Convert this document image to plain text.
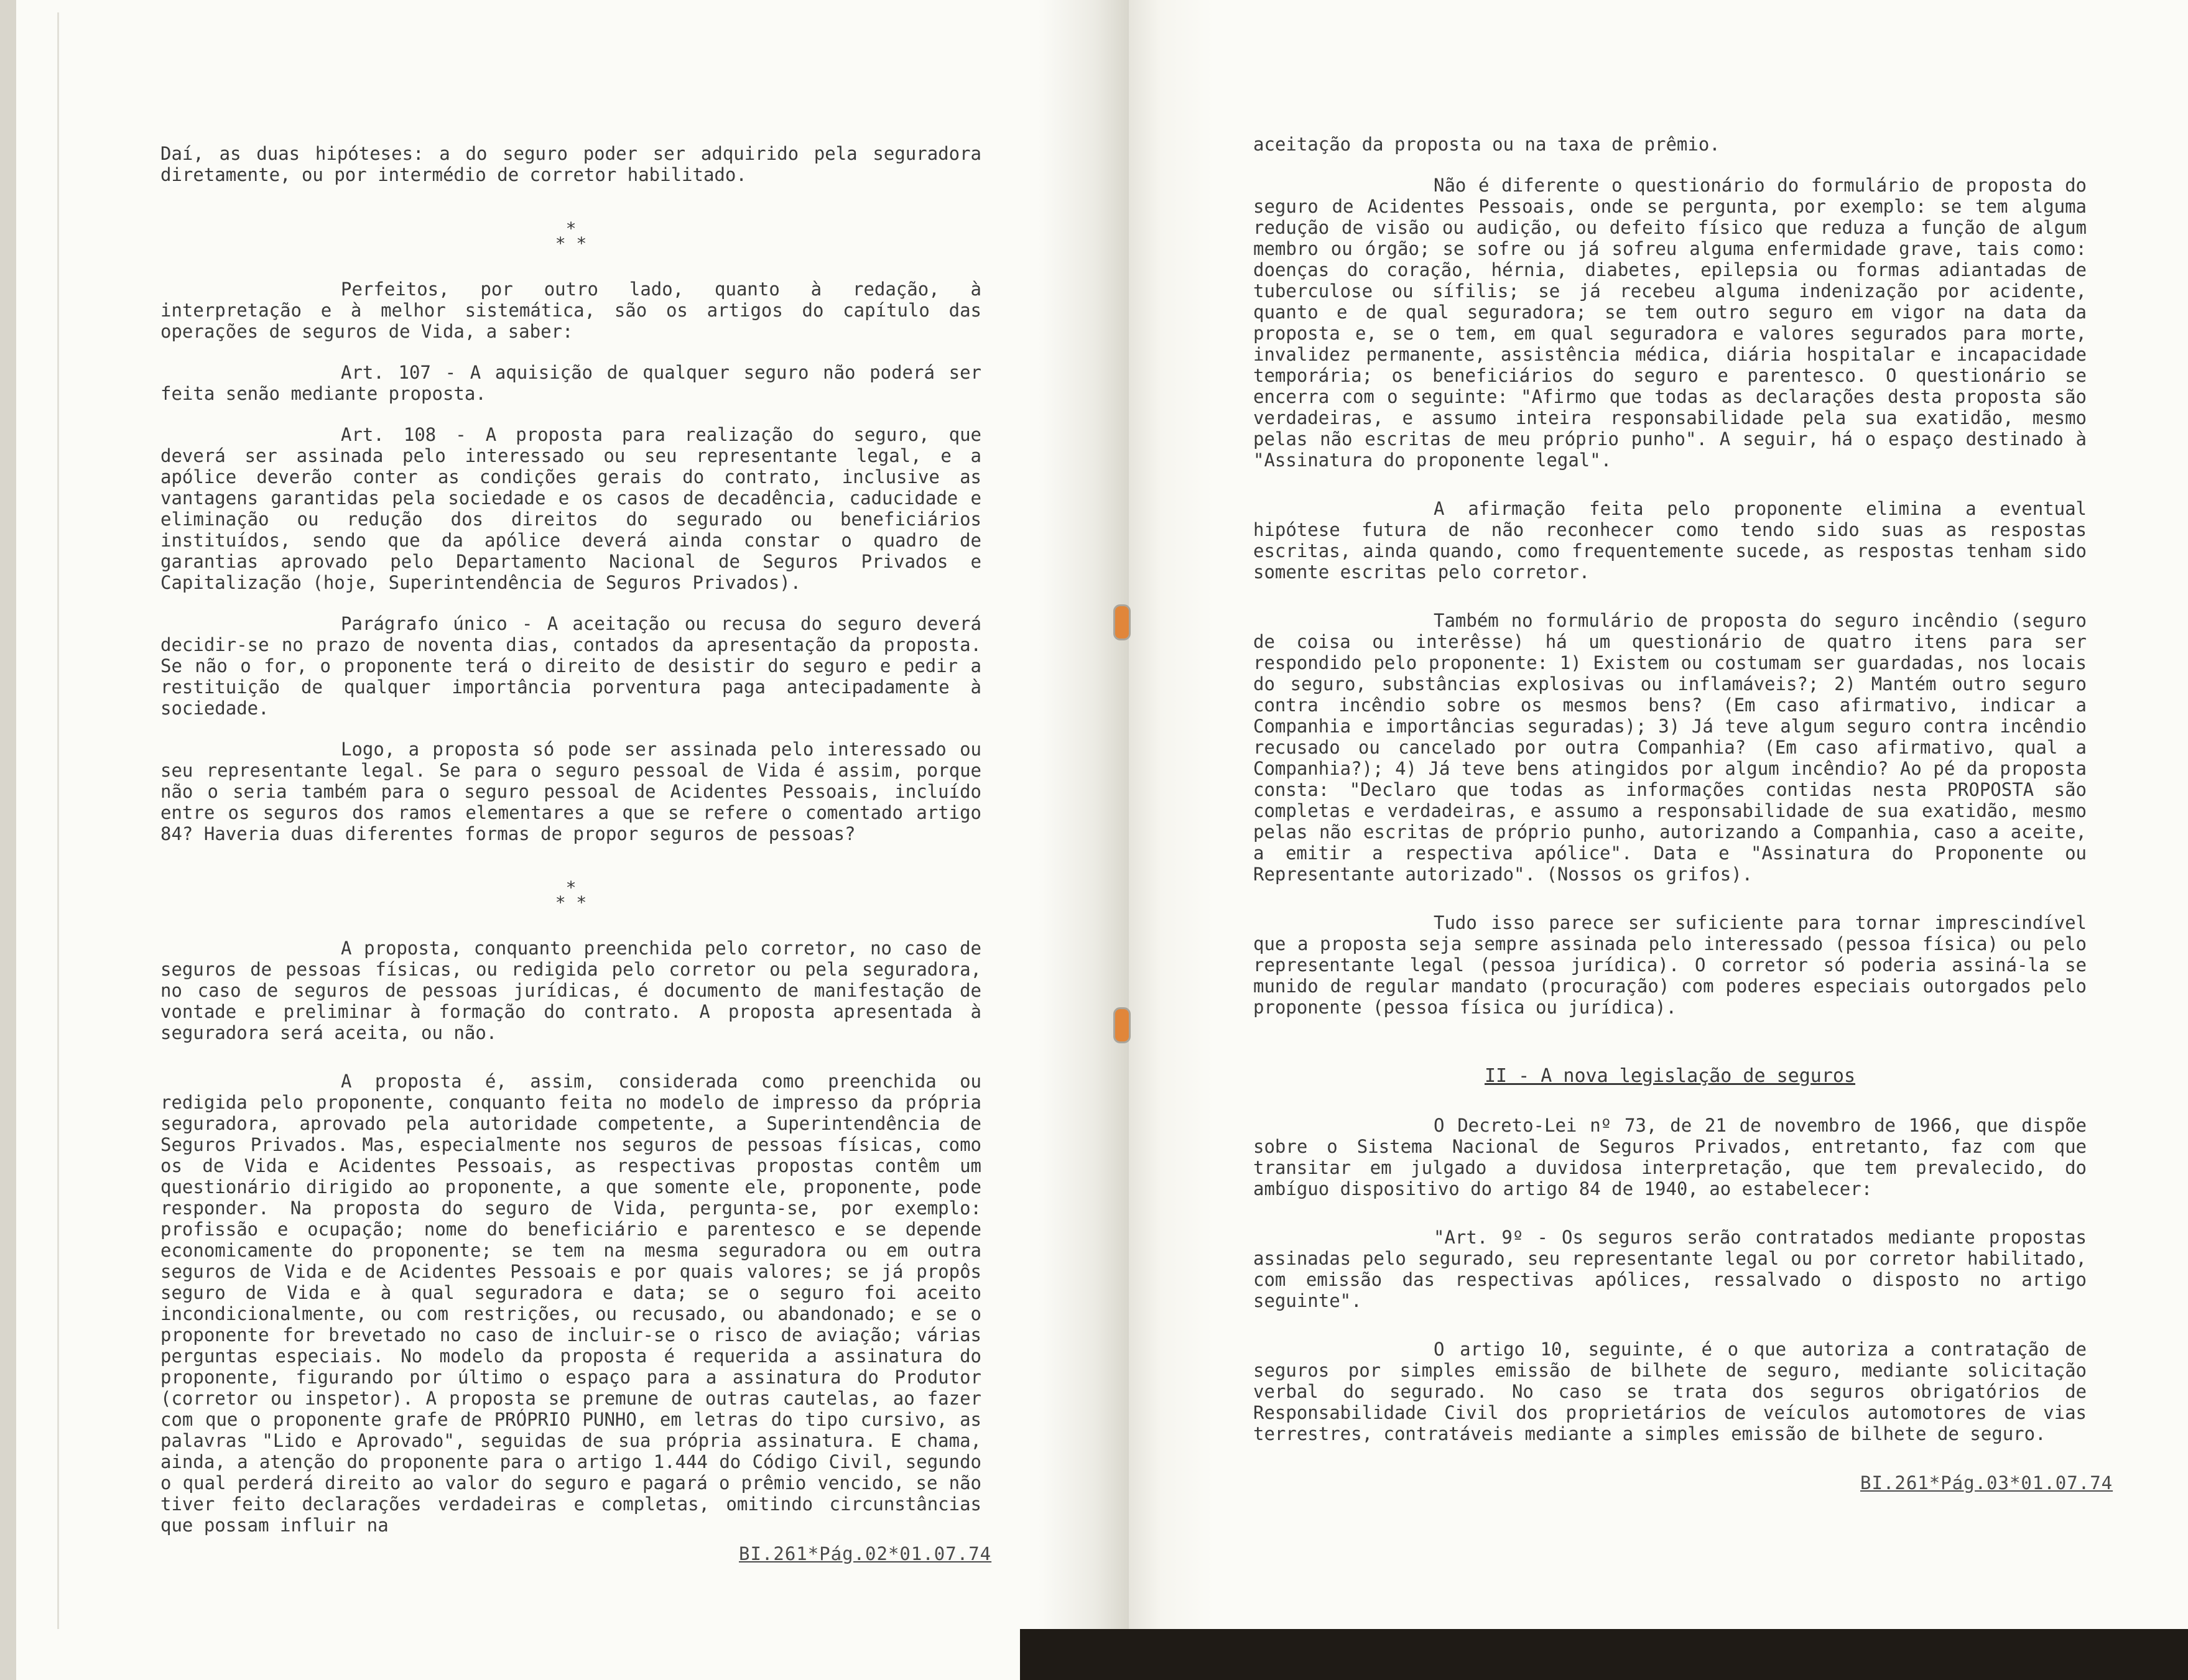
Daí, as duas hipóteses: a do seguro poder ser adquirido pela seguradora diretamente, ou por intermédio de corretor habilitado.

*
* *

Perfeitos, por outro lado, quanto à redação, à interpretação e à melhor sistemática, são os artigos do capítulo das operações de seguros de Vida, a saber:

Art. 107 - A aquisição de qualquer seguro não poderá ser feita senão mediante proposta.

Art. 108 - A proposta para realização do seguro, que deverá ser assinada pelo interessado ou seu representante legal, e a apólice deverão conter as condições gerais do contrato, inclusive as vantagens garantidas pela sociedade e os casos de decadência, caducidade e eliminação ou redução dos direitos do segurado ou beneficiários instituídos, sendo que da apólice deverá ainda constar o quadro de garantias aprovado pelo Departamento Nacional de Seguros Privados e Capitalização (hoje, Superintendência de Seguros Privados).

Parágrafo único - A aceitação ou recusa do seguro deverá decidir-se no prazo de noventa dias, contados da apresentação da proposta. Se não o for, o proponente terá o direito de desistir do seguro e pedir a restituição de qualquer importância porventura paga antecipadamente à sociedade.

Logo, a proposta só pode ser assinada pelo interessado ou seu representante legal. Se para o seguro pessoal de Vida é assim, porque não o seria também para o seguro pessoal de Acidentes Pessoais, incluído entre os seguros dos ramos elementares a que se refere o comentado artigo 84? Haveria duas diferentes formas de propor seguros de pessoas?

*
* *

A proposta, conquanto preenchida pelo corretor, no caso de seguros de pessoas físicas, ou redigida pelo corretor ou pela seguradora, no caso de seguros de pessoas jurídicas, é documento de manifestação de vontade e preliminar à formação do contrato. A proposta apresentada à seguradora será aceita, ou não.

A proposta é, assim, considerada como preenchida ou redigida pelo proponente, conquanto feita no modelo de impresso da própria seguradora, aprovado pela autoridade competente, a Superintendência de Seguros Privados. Mas, especialmente nos seguros de pessoas físicas, como os de Vida e Acidentes Pessoais, as respectivas propostas contêm um questionário dirigido ao proponente, a que somente ele, proponente, pode responder. Na proposta do seguro de Vida, pergunta-se, por exemplo: profissão e ocupação; nome do beneficiário e parentesco e se depende economicamente do proponente; se tem na mesma seguradora ou em outra seguros de Vida e de Acidentes Pessoais e por quais valores; se já propôs seguro de Vida e à qual seguradora e data; se o seguro foi aceito incondicionalmente, ou com restrições, ou recusado, ou abandonado; e se o proponente for brevetado no caso de incluir-se o risco de aviação; várias perguntas especiais. No modelo da proposta é requerida a assinatura do proponente, figurando por último o espaço para a assinatura do Produtor (corretor ou inspetor). A proposta se premune de outras cautelas, ao fazer com que o proponente grafe de PRÓPRIO PUNHO, em letras do tipo cursivo, as palavras "Lido e Aprovado", seguidas de sua própria assinatura. E chama, ainda, a atenção do proponente para o artigo 1.444 do Código Civil, segundo o qual perderá direito ao valor do seguro e pagará o prêmio vencido, se não tiver feito declarações verdadeiras e completas, omitindo circunstâncias que possam influir na

BI.261*Pág.02*01.07.74

aceitação da proposta ou na taxa de prêmio.

Não é diferente o questionário do formulário de proposta do seguro de Acidentes Pessoais, onde se pergunta, por exemplo: se tem alguma redução de visão ou audição, ou defeito físico que reduza a função de algum membro ou órgão; se sofre ou já sofreu alguma enfermidade grave, tais como: doenças do coração, hérnia, diabetes, epilepsia ou formas adiantadas de tuberculose ou sífilis; se já recebeu alguma indenização por acidente, quanto e de qual seguradora; se tem outro seguro em vigor na data da proposta e, se o tem, em qual seguradora e valores segurados para morte, invalidez permanente, assistência médica, diária hospitalar e incapacidade temporária; os beneficiários do seguro e parentesco. O questionário se encerra com o seguinte: "Afirmo que todas as declarações desta proposta são verdadeiras, e assumo inteira responsabilidade pela sua exatidão, mesmo pelas não escritas de meu próprio punho". A seguir, há o espaço destinado à "Assinatura do proponente legal".

A afirmação feita pelo proponente elimina a eventual hipótese futura de não reconhecer como tendo sido suas as respostas escritas, ainda quando, como frequentemente sucede, as respostas tenham sido somente escritas pelo corretor.

Também no formulário de proposta do seguro incêndio (seguro de coisa ou interêsse) há um questionário de quatro itens para ser respondido pelo proponente: 1) Existem ou costumam ser guardadas, nos locais do seguro, substâncias explosivas ou inflamáveis?; 2) Mantém outro seguro contra incêndio sobre os mesmos bens? (Em caso afirmativo, indicar a Companhia e importâncias seguradas); 3) Já teve algum seguro contra incêndio recusado ou cancelado por outra Companhia? (Em caso afirmativo, qual a Companhia?); 4) Já teve bens atingidos por algum incêndio? Ao pé da proposta consta: "Declaro que todas as informações contidas nesta PROPOSTA são completas e verdadeiras, e assumo a responsabilidade de sua exatidão, mesmo pelas não escritas de próprio punho, autorizando a Companhia, caso a aceite, a emitir a respectiva apólice". Data e "Assinatura do Proponente ou Representante autorizado". (Nossos os grifos).

Tudo isso parece ser suficiente para tornar imprescindível que a proposta seja sempre assinada pelo interessado (pessoa física) ou pelo representante legal (pessoa jurídica). O corretor só poderia assiná-la se munido de regular mandato (procuração) com poderes especiais outorgados pelo proponente (pessoa física ou jurídica).

II - A nova legislação de seguros

O Decreto-Lei nº 73, de 21 de novembro de 1966, que dispõe sobre o Sistema Nacional de Seguros Privados, entretanto, faz com que transitar em julgado a duvidosa interpretação, que tem prevalecido, do ambíguo dispositivo do artigo 84 de 1940, ao estabelecer:

"Art. 9º - Os seguros serão contratados mediante propostas assinadas pelo segurado, seu representante legal ou por corretor habilitado, com emissão das respectivas apólices, ressalvado o disposto no artigo seguinte".

O artigo 10, seguinte, é o que autoriza a contratação de seguros por simples emissão de bilhete de seguro, mediante solicitação verbal do segurado. No caso se trata dos seguros obrigatórios de Responsabilidade Civil dos proprietários de veículos automotores de vias terrestres, contratáveis mediante a simples emissão de bilhete de seguro.

BI.261*Pág.03*01.07.74
